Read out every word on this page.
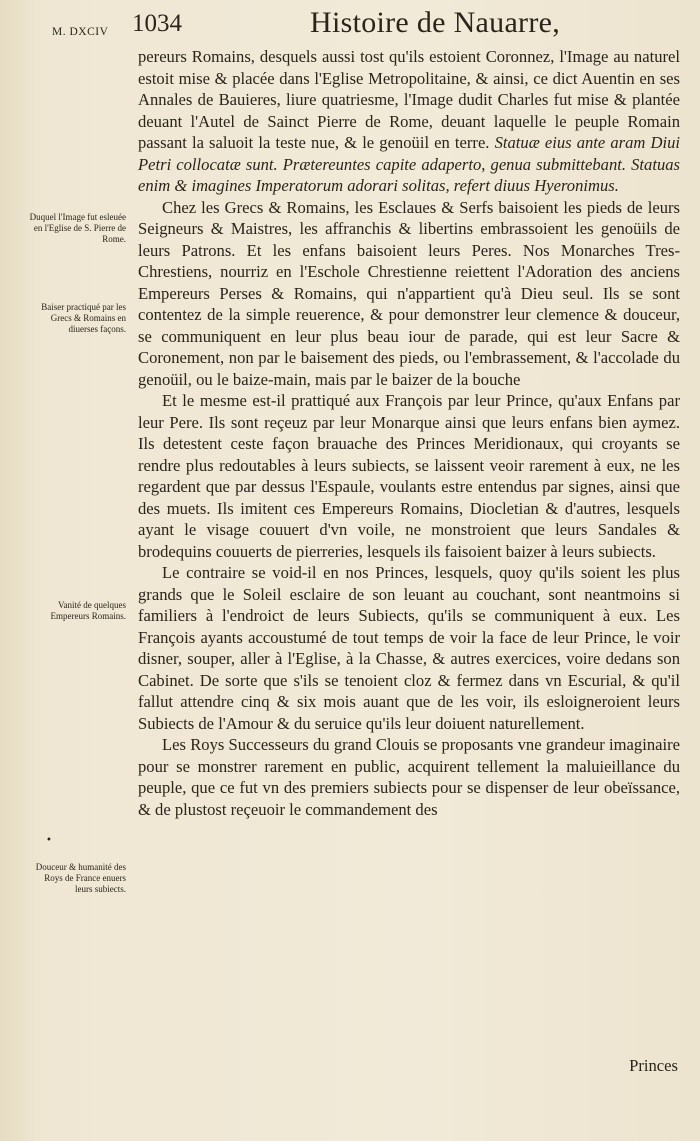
M. DXCIV 1034	Histoire de Nauarre,
Duquel l'Image fut esleuée en l'Eglise de S. Pierre de Rome.
Baiser practiqué par les Grecs & Romains en diuerses façons.
Vanité de quelques Empereurs Romains.
•
Douceur & humanité des Roys de France enuers leurs subiects.

pereurs Romains, desquels aussi tost qu'ils estoient Coronnez, l'Image au naturel estoit mise & placée dans l'Eglise Metropolitaine, & ainsi, ce dict Auentin en ses Annales de Bauieres, liure quatriesme, l'Image dudit Charles fut mise & plantée deuant l'Autel de Sainct Pierre de Rome, deuant laquelle le peuple Romain passant la saluoit la teste nue, & le genoüil en terre. Statuæ eius ante aram Diui Petri collocatæ sunt. Prætereuntes capite adaperto, genua submittebant. Statuas enim & imagines Imperatorum adorari solitas, refert diuus Hyeronimus.

Chez les Grecs & Romains, les Esclaues & Serfs baisoient les pieds de leurs Seigneurs & Maistres, les affranchis & libertins embrassoient les genoüils de leurs Patrons. Et les enfans baisoient leurs Peres. Nos Monarches Tres-Chrestiens, nourriz en l'Eschole Chrestienne reiettent l'Adoration des anciens Empereurs Perses & Romains, qui n'appartient qu'à Dieu seul. Ils se sont contentez de la simple reuerence, & pour demonstrer leur clemence & douceur, se communiquent en leur plus beau iour de parade, qui est leur Sacre & Coronement, non par le baisement des pieds, ou l'embrassement, & l'accolade du genoüil, ou le baize-main, mais par le baizer de la bouche

Et le mesme est-il prattiqué aux François par leur Prince, qu'aux Enfans par leur Pere. Ils sont reçeuz par leur Monarque ainsi que leurs enfans bien aymez. Ils detestent ceste façon brauache des Princes Meridionaux, qui croyants se rendre plus redoutables à leurs subiects, se laissent veoir rarement à eux, ne les regardent que par dessus l'Espaule, voulants estre entendus par signes, ainsi que des muets. Ils imitent ces Empereurs Romains, Diocletian & d'autres, lesquels ayant le visage couuert d'vn voile, ne monstroient que leurs Sandales & brodequins couuerts de pierreries, lesquels ils faisoient baizer à leurs subiects.

Le contraire se void-il en nos Princes, lesquels, quoy qu'ils soient les plus grands que le Soleil esclaire de son leuant au couchant, sont neantmoins si familiers à l'endroict de leurs Subiects, qu'ils se communiquent à eux. Les François ayants accoustumé de tout temps de voir la face de leur Prince, le voir disner, souper, aller à l'Eglise, à la Chasse, & autres exercices, voire dedans son Cabinet. De sorte que s'ils se tenoient cloz & fermez dans vn Escurial, & qu'il fallut attendre cinq & six mois auant que de les voir, ils esloigneroient leurs Subiects de l'Amour & du seruice qu'ils leur doiuent naturellement.

Les Roys Successeurs du grand Clouis se proposants vne grandeur imaginaire pour se monstrer rarement en public, acquirent tellement la maluieillance du peuple, que ce fut vn des premiers subiects pour se dispenser de leur obeïssance, & de plustost reçeuoir le commandement des

Princes
